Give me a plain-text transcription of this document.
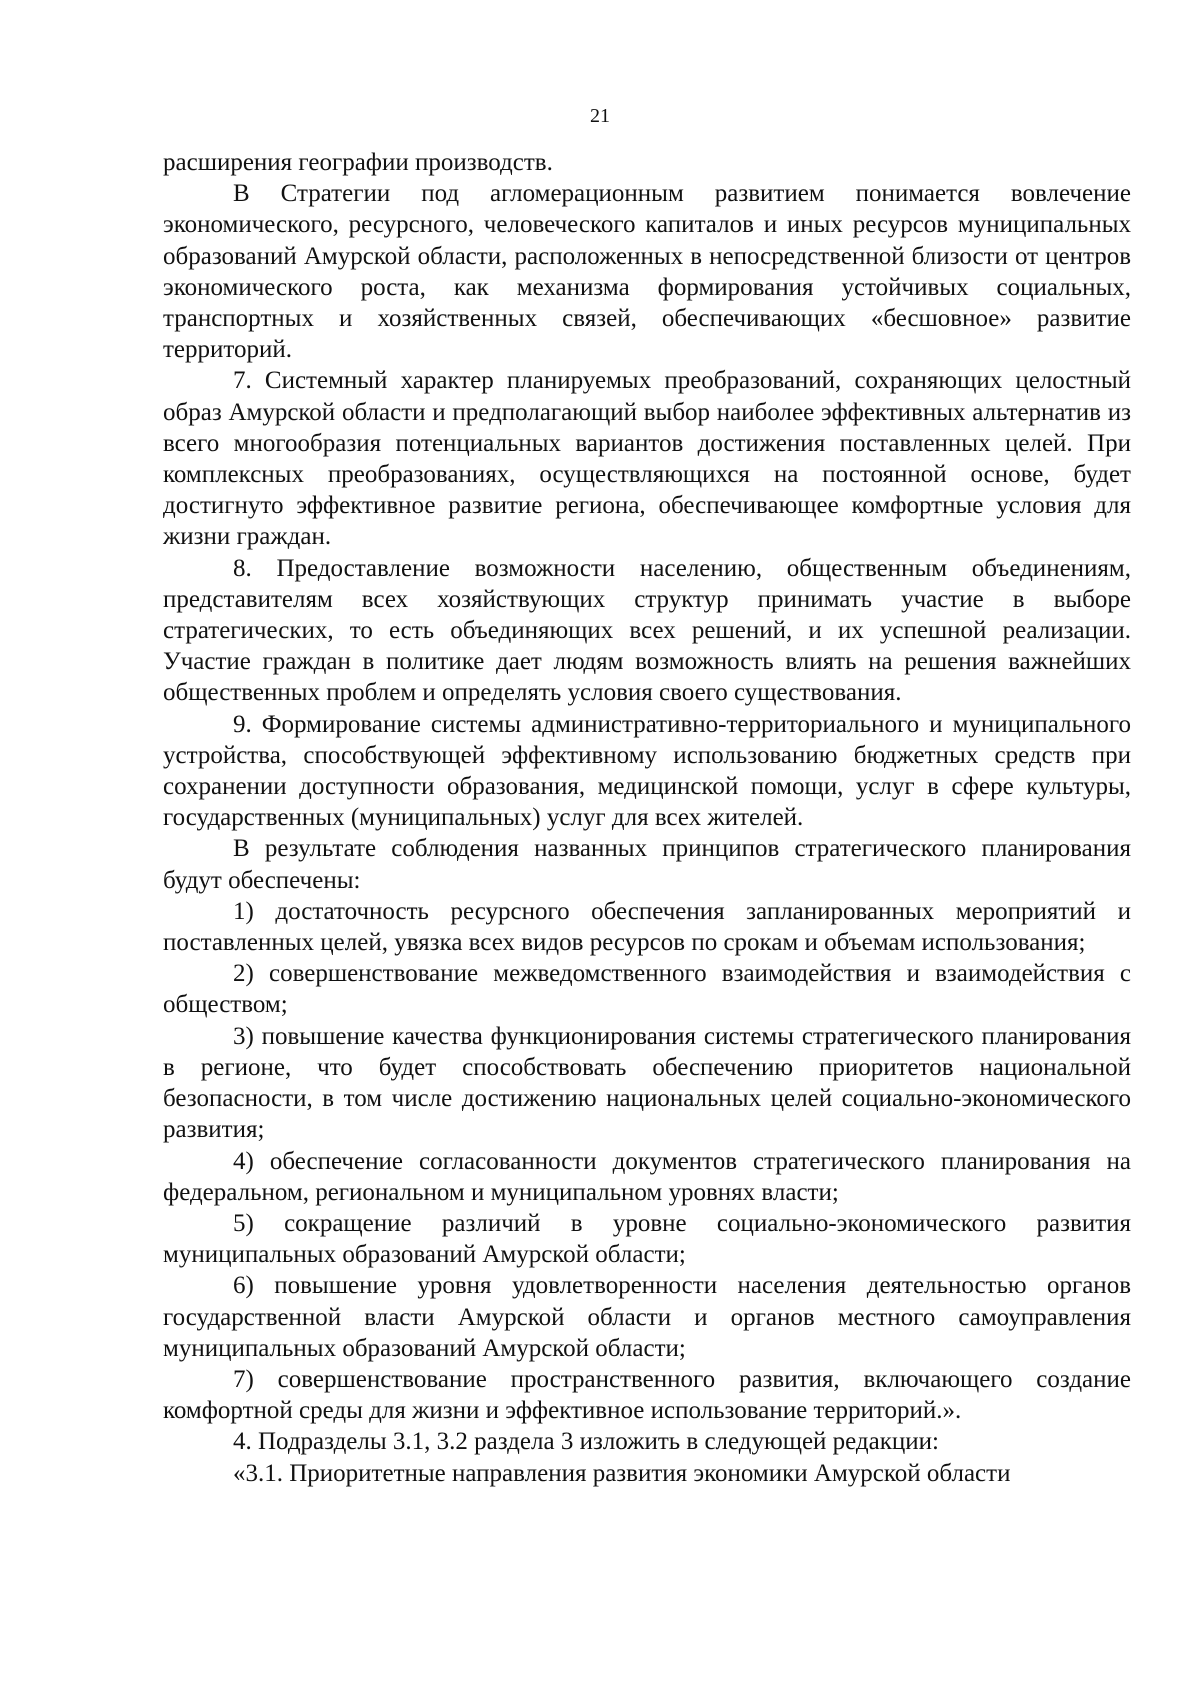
21

расширения географии производств.

В Стратегии под агломерационным развитием понимается вовлечение экономического, ресурсного, человеческого капиталов и иных ресурсов муниципальных образований Амурской области, расположенных в непосредственной близости от центров экономического роста, как механизма формирования устойчивых социальных, транспортных и хозяйственных связей, обеспечивающих «бесшовное» развитие территорий.

7. Системный характер планируемых преобразований, сохраняющих целостный образ Амурской области и предполагающий выбор наиболее эффективных альтернатив из всего многообразия потенциальных вариантов достижения поставленных целей. При комплексных преобразованиях, осуществляющихся на постоянной основе, будет достигнуто эффективное развитие региона, обеспечивающее комфортные условия для жизни граждан.

8. Предоставление возможности населению, общественным объединениям, представителям всех хозяйствующих структур принимать участие в выборе стратегических, то есть объединяющих всех решений, и их успешной реализации. Участие граждан в политике дает людям возможность влиять на решения важнейших общественных проблем и определять условия своего существования.

9. Формирование системы административно-территориального и муниципального устройства, способствующей эффективному использованию бюджетных средств при сохранении доступности образования, медицинской помощи, услуг в сфере культуры, государственных (муниципальных) услуг для всех жителей.

В результате соблюдения названных принципов стратегического планирования будут обеспечены:

1) достаточность ресурсного обеспечения запланированных мероприятий и поставленных целей, увязка всех видов ресурсов по срокам и объемам использования;

2) совершенствование межведомственного взаимодействия и взаимодействия с обществом;

3) повышение качества функционирования системы стратегического планирования в регионе, что будет способствовать обеспечению приоритетов национальной безопасности, в том числе достижению национальных целей социально-экономического развития;

4) обеспечение согласованности документов стратегического планирования на федеральном, региональном и муниципальном уровнях власти;

5) сокращение различий в уровне социально-экономического развития муниципальных образований Амурской области;

6) повышение уровня удовлетворенности населения деятельностью органов государственной власти Амурской области и органов местного самоуправления муниципальных образований Амурской области;

7) совершенствование пространственного развития, включающего создание комфортной среды для жизни и эффективное использование территорий.».

4. Подразделы 3.1, 3.2 раздела 3 изложить в следующей редакции:

«3.1. Приоритетные направления развития экономики Амурской области
